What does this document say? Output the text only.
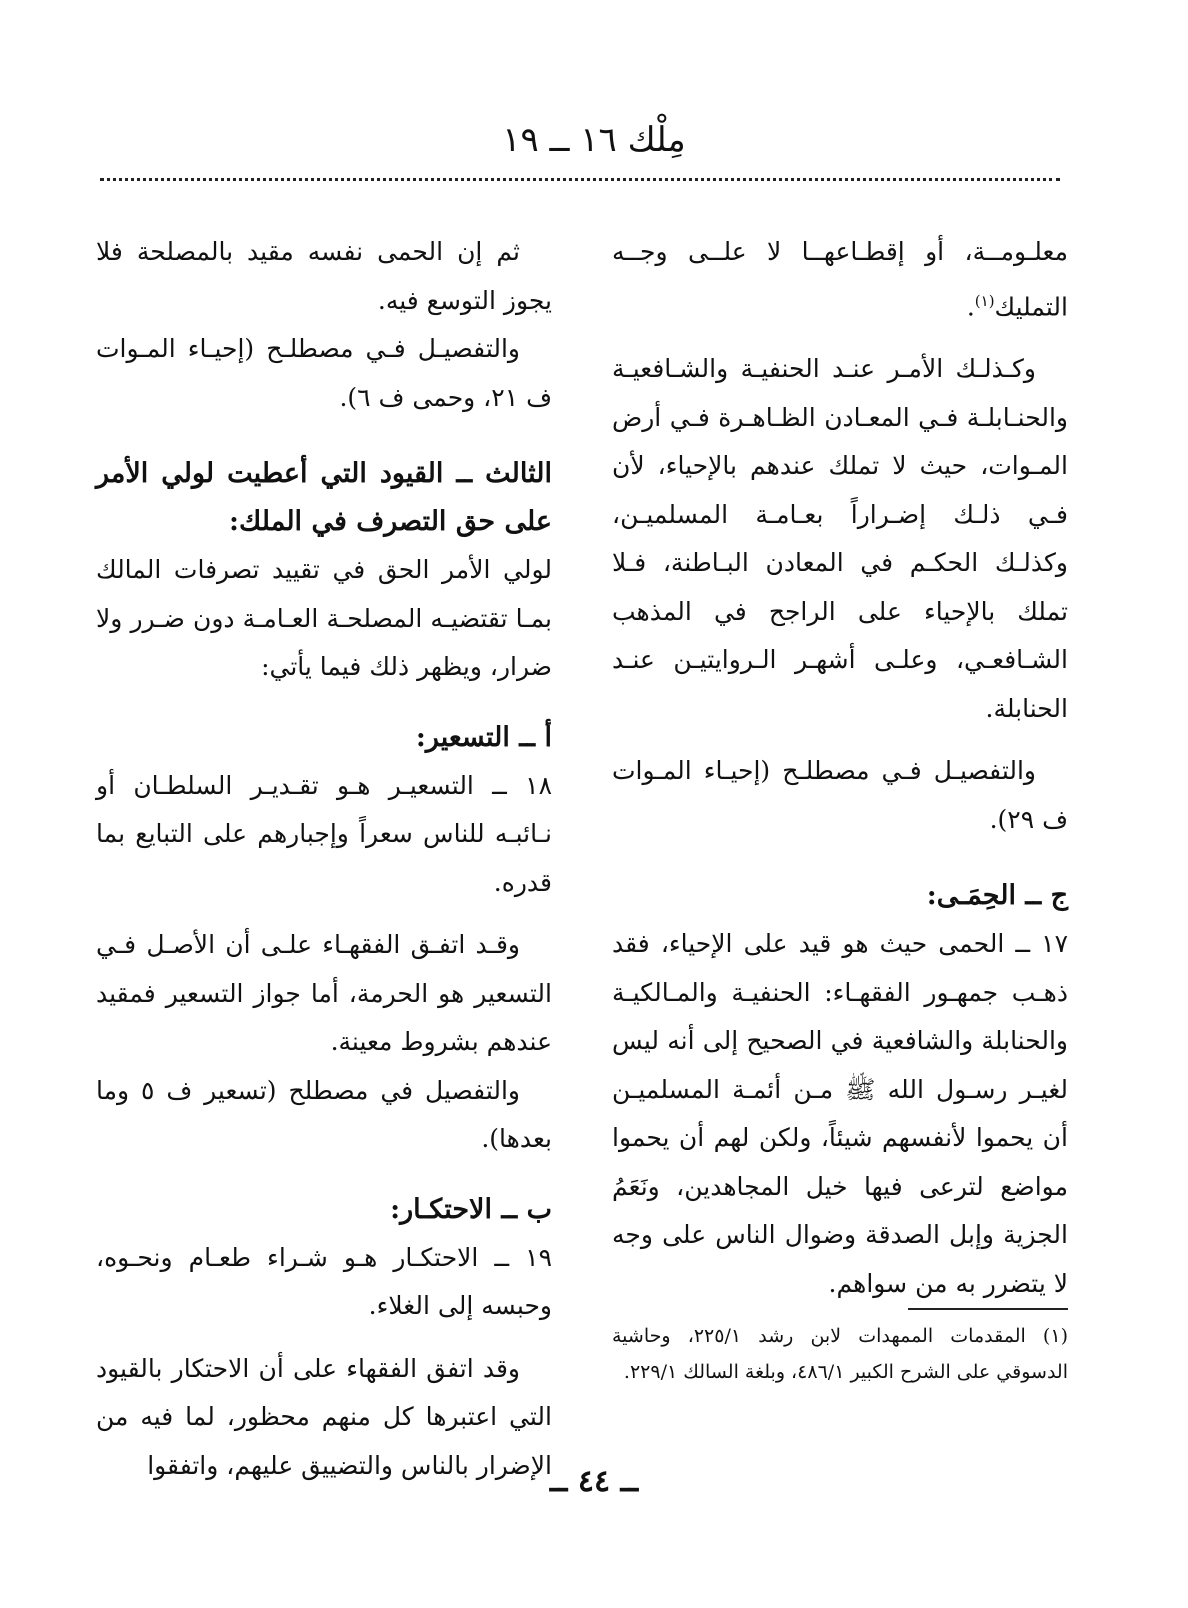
مِلْك ١٦ ــ ١٩

معلـومــة، أو إقطـاعهــا لا علــى وجــه التمليك$^{(١)}$.

وكـذلـك الأمـر عنـد الحنفيـة والشـافعيـة والحنـابلـة فـي المعـادن الظـاهـرة فـي أرض المـوات، حيث لا تملك عندهم بالإحياء، لأن فـي ذلـك إضـراراً بعـامـة المسلميـن، وكذلـك الحكـم في المعادن البـاطنة، فـلا تملك بالإحياء على الراجح في المذهب الشـافعـي، وعلـى أشهـر الـروايتيـن عنـد الحنابلة.

والتفصيـل فـي مصطلـح (إحيـاء المـوات ف ٢٩).

ج ــ الحِمَـى:

١٧ ــ الحمى حيث هو قيد على الإحياء، فقد ذهـب جمهـور الفقهـاء: الحنفيـة والمـالكيـة والحنابلة والشافعية في الصحيح إلى أنه ليس لغيـر رسـول الله ﷺ مـن أئمـة المسلميـن أن يحموا لأنفسهم شيئاً، ولكن لهم أن يحموا مواضع لترعى فيها خيل المجاهدين، ونَعَمُ الجزية وإبل الصدقة وضوال الناس على وجه لا يتضرر به من سواهم.

(١) المقدمات الممهدات لابن رشد ٢٢٥/١، وحاشية الدسوقي على الشرح الكبير ٤٨٦/١، وبلغة السالك ٢٢٩/١.

ثم إن الحمى نفسه مقيد بالمصلحة فلا يجوز التوسع فيه.

والتفصيـل فـي مصطلـح (إحيـاء المـوات ف ٢١، وحمى ف ٦).

الثالث ــ القيود التي أعطيت لولي الأمر على حق التصرف في الملك:

لولي الأمر الحق في تقييد تصرفات المالك بمـا تقتضيـه المصلحـة العـامـة دون ضـرر ولا ضرار، ويظهر ذلك فيما يأتي:

أ ــ التسعير:

١٨ ــ التسعيـر هـو تقـديـر السلطـان أو نـائبـه للناس سعراً وإجبارهم على التبايع بما قدره.

وقـد اتفـق الفقهـاء علـى أن الأصـل فـي التسعير هو الحرمة، أما جواز التسعير فمقيد عندهم بشروط معينة.

والتفصيل في مصطلح (تسعير ف ٥ وما بعدها).

ب ــ الاحتكـار:

١٩ ــ الاحتكـار هـو شـراء طعـام ونحـوه، وحبسه إلى الغلاء.

وقد اتفق الفقهاء على أن الاحتكار بالقيود التي اعتبرها كل منهم محظور، لما فيه من الإضرار بالناس والتضييق عليهم، واتفقوا

ــ ٤٤ ــ
